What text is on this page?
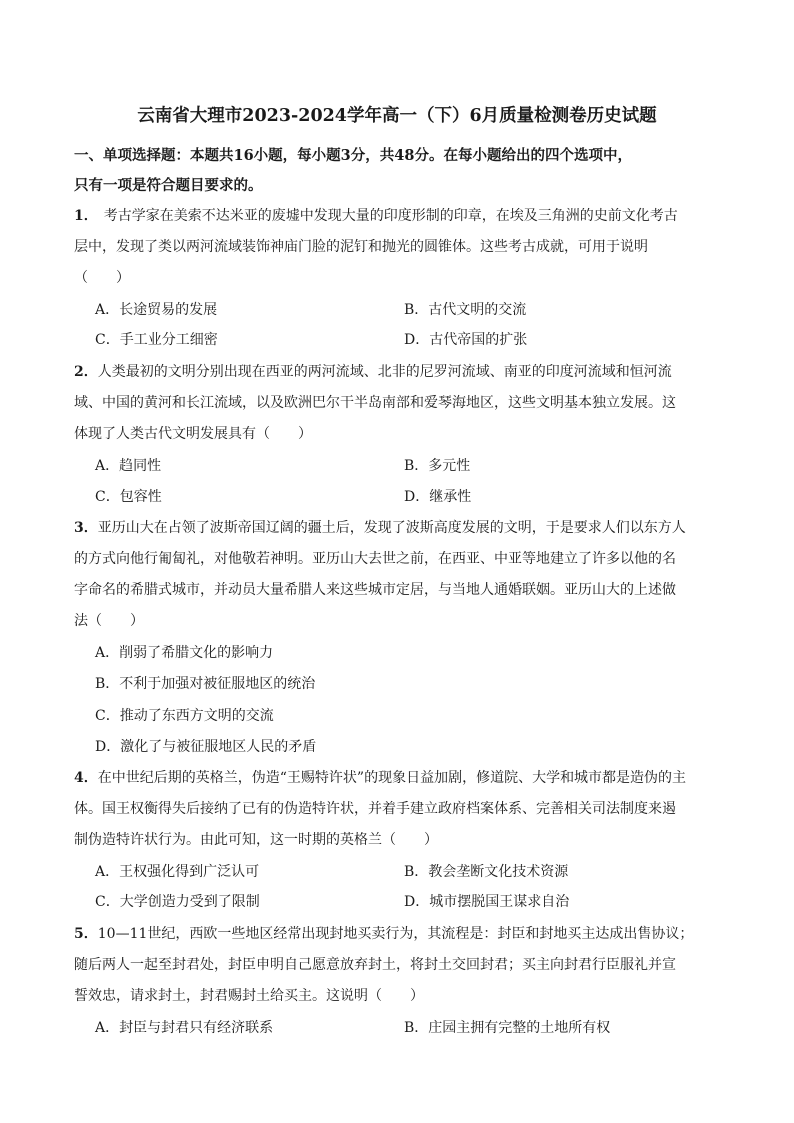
云南省大理市2023-2024学年高一（下）6月质量检测卷历史试题
一、单项选择题：本题共16小题，每小题3分，共48分。在每小题给出的四个选项中，
只有一项是符合题目要求的。
1． 考古学家在美索不达米亚的废墟中发现大量的印度形制的印章，在埃及三角洲的史前文化考古
层中，发现了类以两河流域装饰神庙门脸的泥钉和抛光的圆锥体。这些考古成就，可用于说明
（　　）
A．长途贸易的发展	B．古代文明的交流
C．手工业分工细密	D．古代帝国的扩张
2．人类最初的文明分别出现在西亚的两河流域、北非的尼罗河流域、南亚的印度河流域和恒河流
域、中国的黄河和长江流域，以及欧洲巴尔干半岛南部和爱琴海地区，这些文明基本独立发展。这
体现了人类古代文明发展具有（　　）
A．趋同性	B．多元性
C．包容性	D．继承性
3．亚历山大在占领了波斯帝国辽阔的疆土后，发现了波斯高度发展的文明，于是要求人们以东方人
的方式向他行匍匐礼，对他敬若神明。亚历山大去世之前，在西亚、中亚等地建立了许多以他的名
字命名的希腊式城市，并动员大量希腊人来这些城市定居，与当地人通婚联姻。亚历山大的上述做
法（　　）
A．削弱了希腊文化的影响力
B．不利于加强对被征服地区的统治
C．推动了东西方文明的交流
D．激化了与被征服地区人民的矛盾
4．在中世纪后期的英格兰，伪造“王赐特许状”的现象日益加剧，修道院、大学和城市都是造伪的主
体。国王权衡得失后接纳了已有的伪造特许状，并着手建立政府档案体系、完善相关司法制度来遏
制伪造特许状行为。由此可知，这一时期的英格兰（　　）
A．王权强化得到广泛认可	B．教会垄断文化技术资源
C．大学创造力受到了限制	D．城市摆脱国王谋求自治
5．10—11世纪，西欧一些地区经常出现封地买卖行为，其流程是：封臣和封地买主达成出售协议；
随后两人一起至封君处，封臣申明自己愿意放弃封土，将封土交回封君；买主向封君行臣服礼并宣
誓效忠，请求封土，封君赐封土给买主。这说明（　　）
A．封臣与封君只有经济联系	B．庄园主拥有完整的土地所有权
